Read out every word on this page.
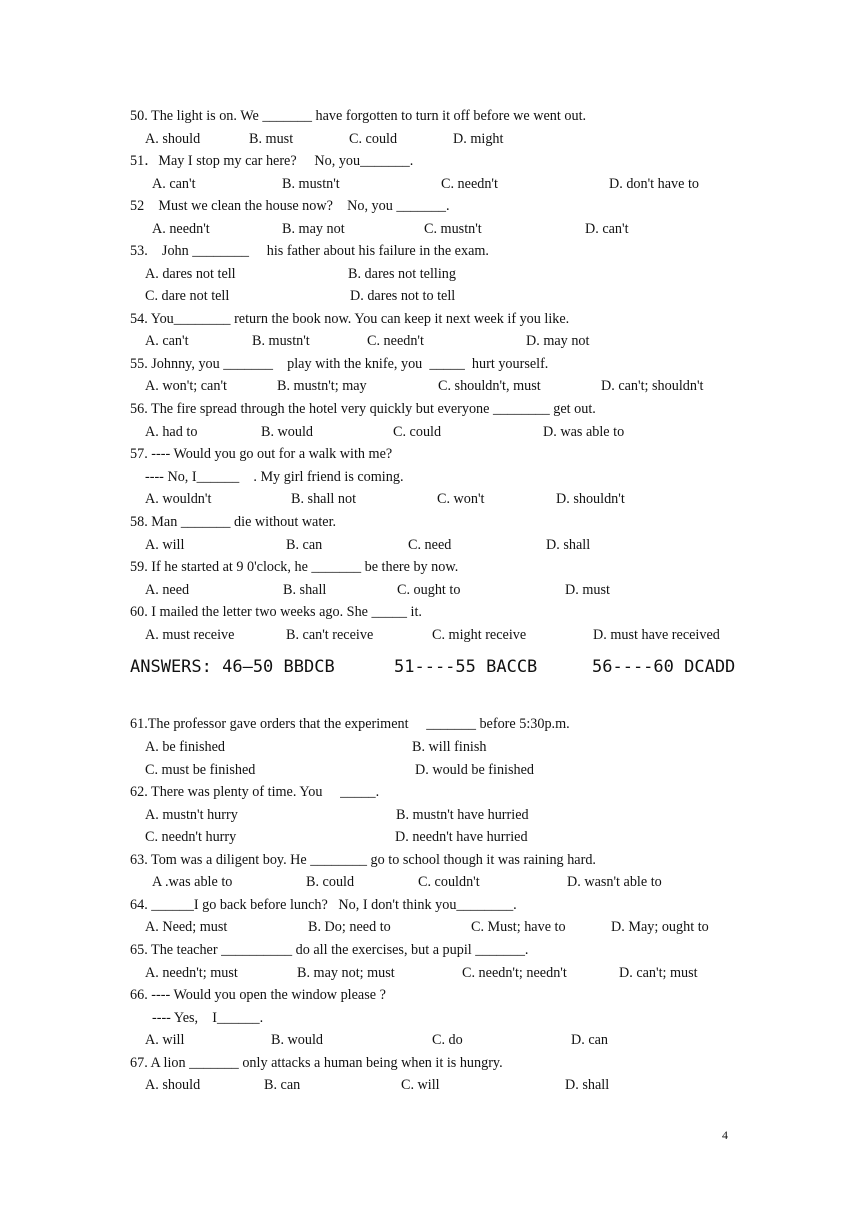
50. The light is on. We _______ have forgotten to turn it off before we went out.
A. should	B. must	C. could	D. might
51．May I stop my car here?     No, you_______.
A. can't	B. mustn't	C. needn't	D. don't have to
52    Must we clean the house now?    No, you _______.
A. needn't	B. may not	C. mustn't	D. can't
53.    John ________     his father about his failure in the exam.
A. dares not tell	B. dares not telling
C. dare not tell	D. dares not to tell
54. You________ return the book now. You can keep it next week if you like.
A. can't	B. mustn't	C. needn't	D. may not
55. Johnny, you _______    play with the knife, you  _____  hurt yourself.
A. won't; can't	B. mustn't; may	C. shouldn't, must	D. can't; shouldn't
56. The fire spread through the hotel very quickly but everyone ________ get out.
A. had to	B. would	C. could	D. was able to
57. ---- Would you go out for a walk with me?
---- No, I______    . My girl friend is coming.
A. wouldn't	B. shall not	C. won't	D. shouldn't
58. Man _______ die without water.
A. will	B. can	C. need	D. shall
59. If he started at 9 0'clock, he _______ be there by now.
A. need	B. shall	C. ought to	D. must
60. I mailed the letter two weeks ago. She _____ it.
A. must receive	B. can't receive	C. might receive	D. must have received

ANSWERS: 46—50 BBDCB

	51----55 BACCB

	56----60 DCADD

61.The professor gave orders that the experiment     _______ before 5:30p.m.
A. be finished	B. will finish
C. must be finished	D. would be finished
62. There was plenty of time. You     _____.
A. mustn't hurry	B. mustn't have hurried
C. needn't hurry	D. needn't have hurried
63. Tom was a diligent boy. He ________ go to school though it was raining hard.
A .was able to	B. could	C. couldn't	D. wasn't able to
64. ______I go back before lunch?   No, I don't think you________.
A. Need; must	B. Do; need to	C. Must; have to	D. May; ought to
65. The teacher __________ do all the exercises, but a pupil _______.
A. needn't; must	B. may not; must	C. needn't; needn't	D. can't; must
66. ---- Would you open the window please ?
---- Yes,    I______.
A. will	B. would	C. do	D. can
67. A lion _______ only attacks a human being when it is hungry.
A. should	B. can	C. will	D. shall
4
